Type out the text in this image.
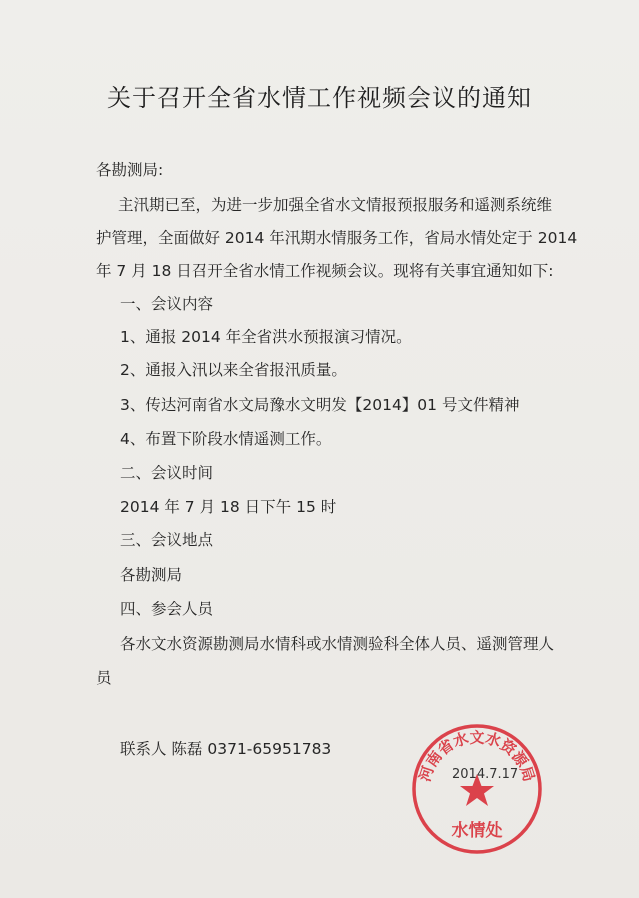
关于召开全省水情工作视频会议的通知
各勘测局:
主汛期已至，为进一步加强全省水文情报预报服务和遥测系统维
护管理，全面做好 2014 年汛期水情服务工作，省局水情处定于 2014
年 7 月 18 日召开全省水情工作视频会议。现将有关事宜通知如下:
一、会议内容
1、通报 2014 年全省洪水预报演习情况。
2、通报入汛以来全省报汛质量。
3、传达河南省水文局豫水文明发【2014】01 号文件精神
4、布置下阶段水情遥测工作。
二、会议时间
2014 年 7 月 18 日下午 15 时
三、会议地点
各勘测局
四、参会人员
各水文水资源勘测局水情科或水情测验科全体人员、遥测管理人
员
联系人 陈磊 0371-65951783
河南省水文水资源局
水情处
2014.7.17
